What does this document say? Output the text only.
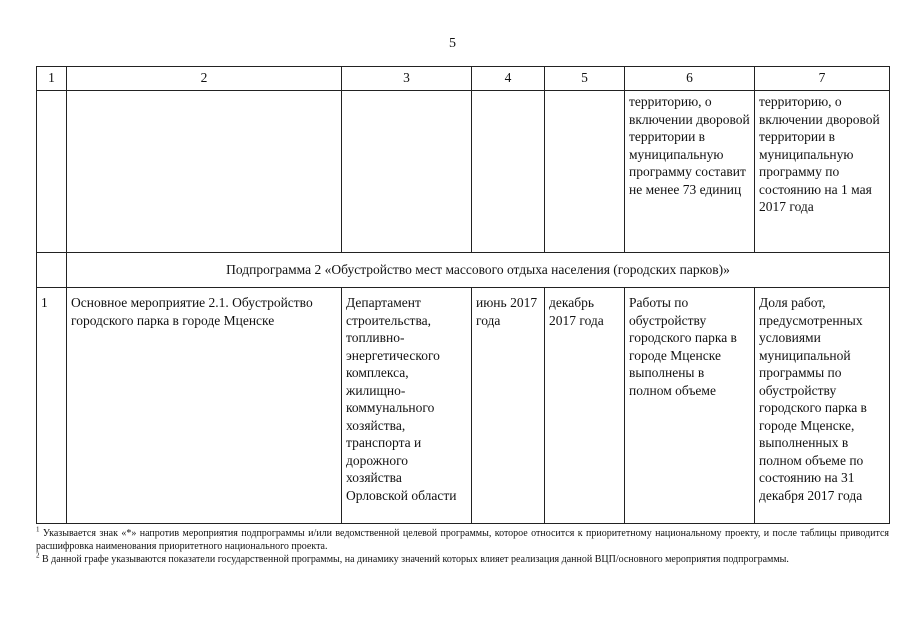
5
1	2	3	4	5	6	7
					территорию, о включении дворовой территории в муниципальную программу составит не менее 73 единиц	территорию, о включении дворовой территории в муниципальную программу по состоянию на 1 мая 2017 года
	Подпрограмма 2 «Обустройство мест массового отдыха населения (городских парков)»					
1	Основное мероприятие 2.1. Обустройство городского парка в городе Мценске	Департамент строительства, топливно-энергетического комплекса, жилищно-коммунального хозяйства, транспорта и дорожного хозяйства Орловской области	июнь 2017 года	декабрь 2017 года	Работы по обустройству городского парка в городе Мценске выполнены в полном объеме	Доля работ, предусмотренных условиями муниципальной программы по обустройству городского парка в городе Мценске, выполненных в полном объеме по состоянию на 31 декабря 2017 года

$^1$ Указывается знак «*» напротив мероприятия подпрограммы и/или ведомственной целевой программы, которое относится к приоритетному национальному проекту, и после таблицы приводится расшифровка наименования приоритетного национального проекта.

$^2$ В данной графе указываются показатели государственной программы, на динамику значений которых влияет реализация данной ВЦП/основного мероприятия подпрограммы.
